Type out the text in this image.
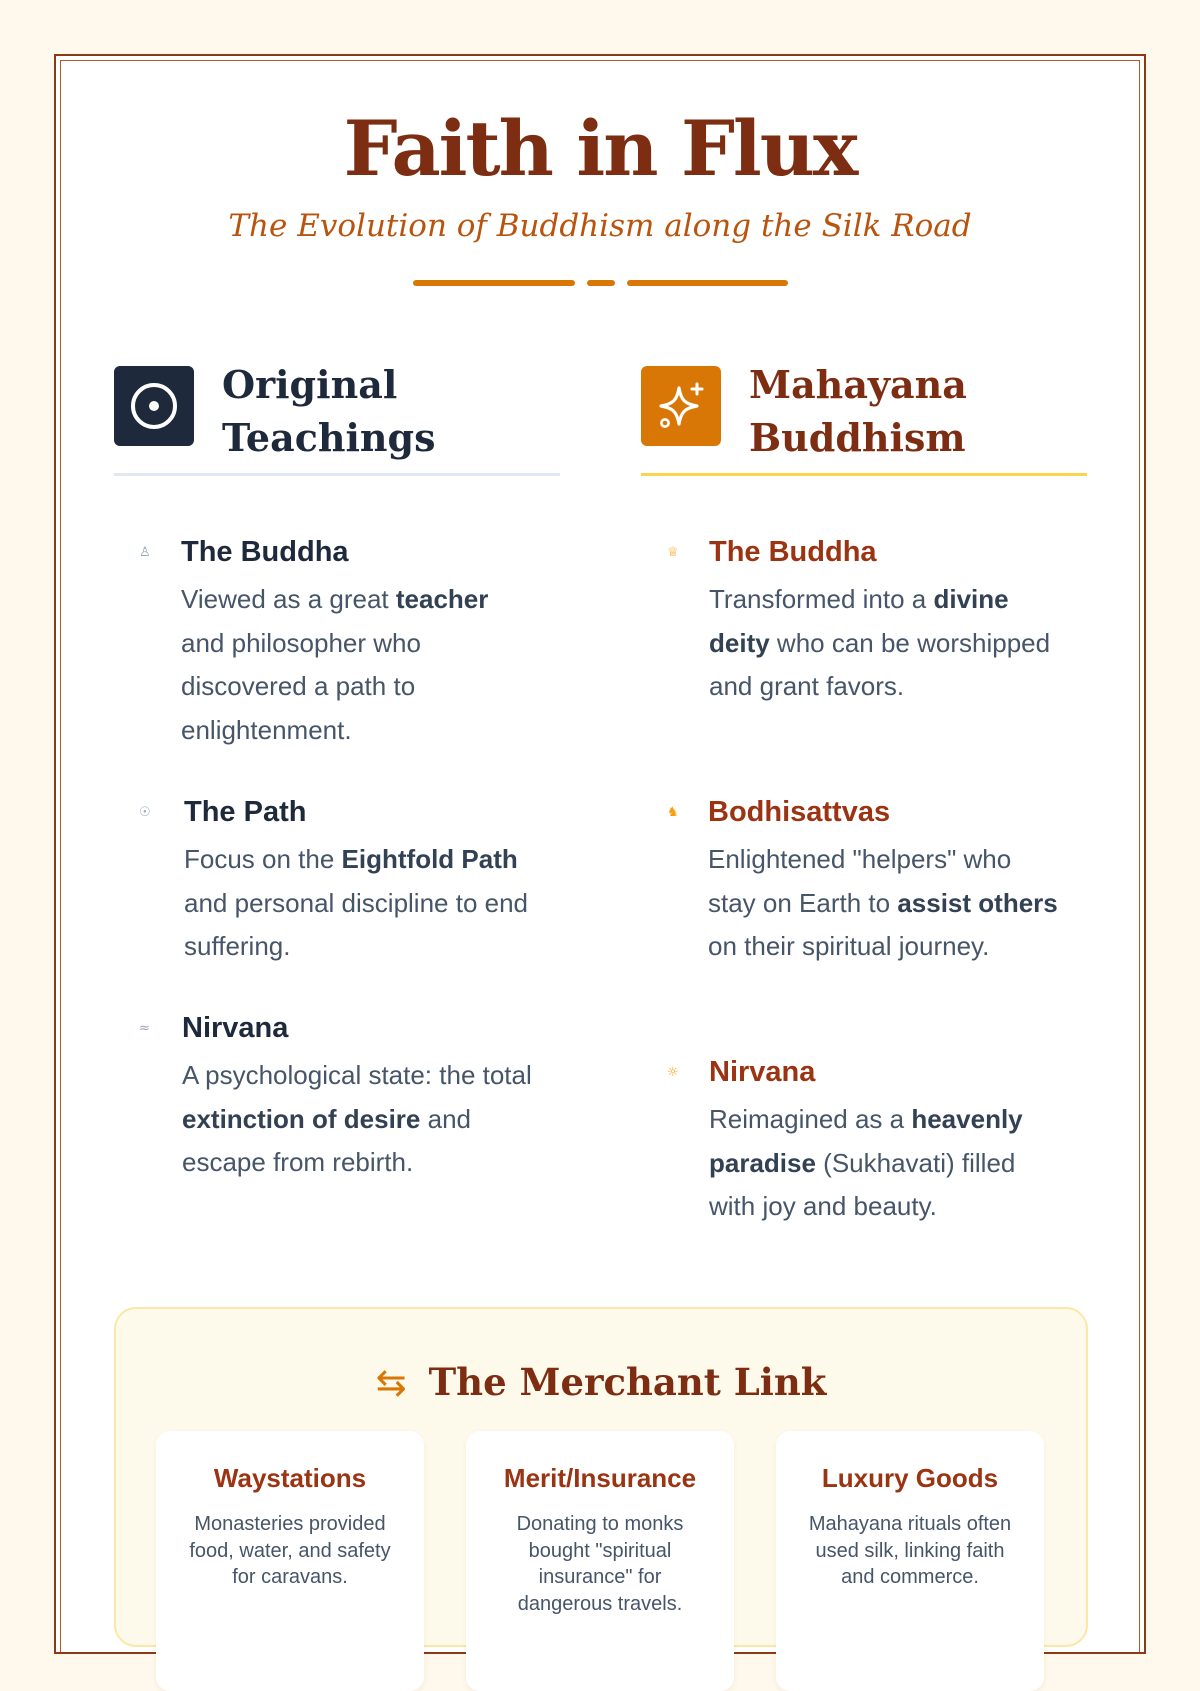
Faith in Flux

The Evolution of Buddhism along the Silk Road

Original Teachings
♙ The Buddha
Viewed as a great teacher and philosopher who discovered a path to enlightenment.
☉ The Path
Focus on the Eightfold Path and personal discipline to end suffering.
≈ Nirvana
A psychological state: the total extinction of desire and escape from rebirth.
Mahayana Buddhism
♕ The Buddha
Transformed into a divine deity who can be worshipped and grant favors.
♞ Bodhisattvas
Enlightened "helpers" who stay on Earth to assist others on their spiritual journey.
☼ Nirvana
Reimagined as a heavenly paradise (Sukhavati) filled with joy and beauty.
⇆ The Merchant Link
Waystations
Monasteries provided food, water, and safety for caravans.
Merit/Insurance
Donating to monks bought "spiritual insurance" for dangerous travels.
Luxury Goods
Mahayana rituals often used silk, linking faith and commerce.
